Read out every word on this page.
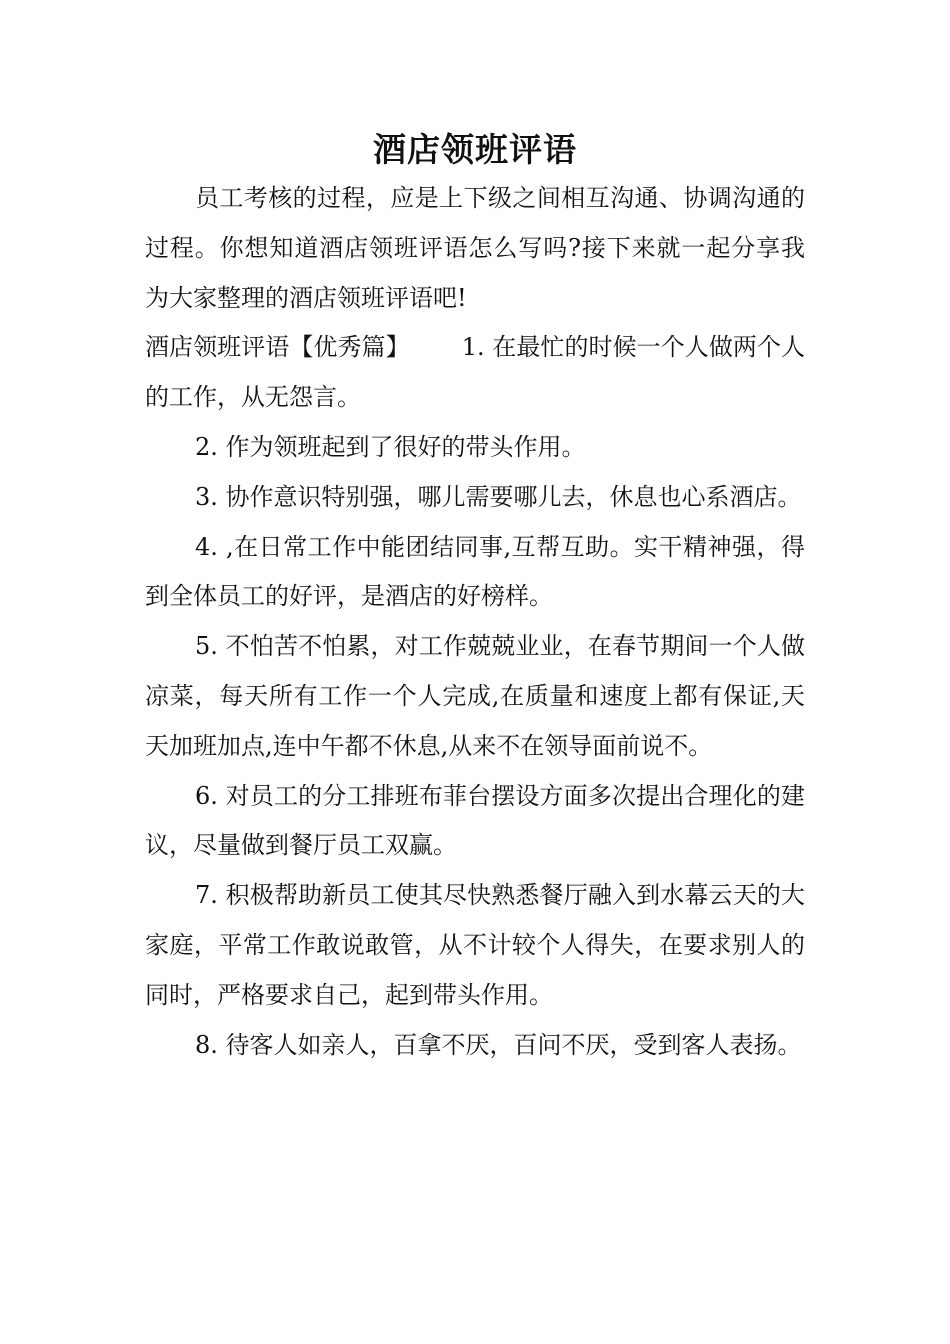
酒店领班评语

员工考核的过程，应是上下级之间相互沟通、协调沟通的过程。你想知道酒店领班评语怎么写吗?接下来就一起分享我为大家整理的酒店领班评语吧!

酒店领班评语【优秀篇】 1. 在最忙的时候一个人做两个人的工作，从无怨言。

2. 作为领班起到了很好的带头作用。

3. 协作意识特别强，哪儿需要哪儿去，休息也心系酒店。

4. ,在日常工作中能团结同事,互帮互助。实干精神强，得到全体员工的好评，是酒店的好榜样。

5. 不怕苦不怕累，对工作兢兢业业，在春节期间一个人做凉菜，每天所有工作一个人完成,在质量和速度上都有保证,天天加班加点,连中午都不休息,从来不在领导面前说不。

6. 对员工的分工排班布菲台摆设方面多次提出合理化的建议，尽量做到餐厅员工双赢。

7. 积极帮助新员工使其尽快熟悉餐厅融入到水幕云天的大家庭，平常工作敢说敢管，从不计较个人得失，在要求别人的同时，严格要求自己，起到带头作用。

8. 待客人如亲人，百拿不厌，百问不厌，受到客人表扬。
